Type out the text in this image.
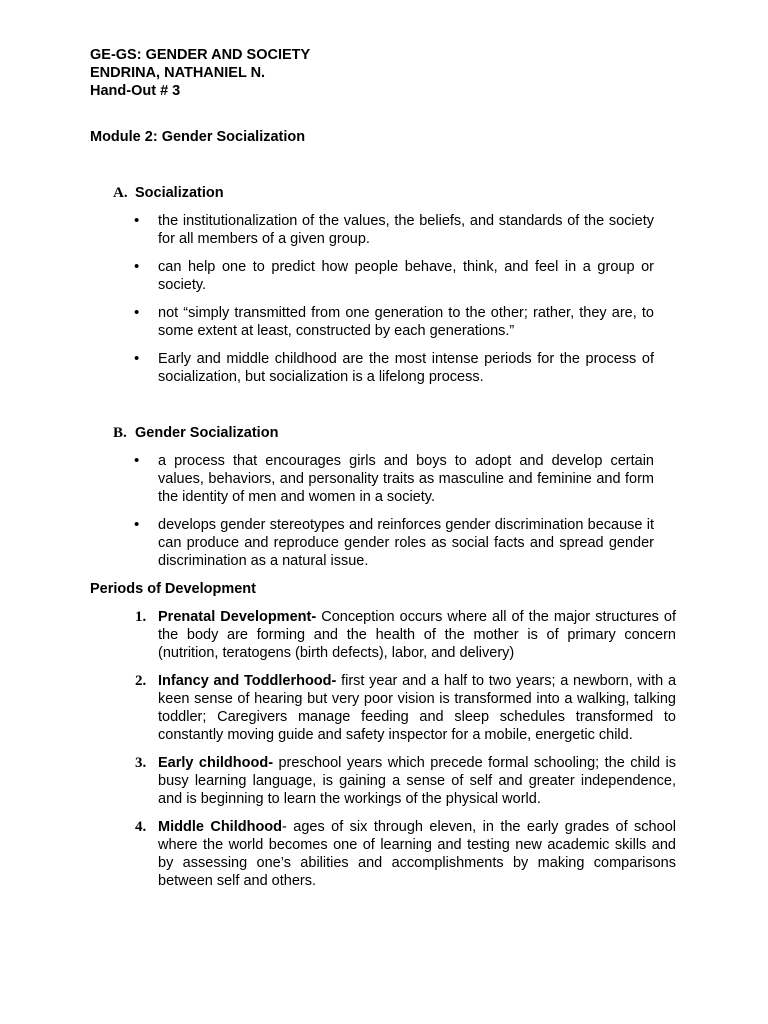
GE-GS: GENDER AND SOCIETY
ENDRINA, NATHANIEL N.
Hand-Out # 3
Module 2: Gender Socialization
A. Socialization
• the institutionalization of the values, the beliefs, and standards of the society for all members of a given group.
• can help one to predict how people behave, think, and feel in a group or society.
• not “simply transmitted from one generation to the other; rather, they are, to some extent at least, constructed by each generations.”
• Early and middle childhood are the most intense periods for the process of socialization, but socialization is a lifelong process.
B. Gender Socialization
• a process that encourages girls and boys to adopt and develop certain values, behaviors, and personality traits as masculine and feminine and form the identity of men and women in a society.
• develops gender stereotypes and reinforces gender discrimination because it can produce and reproduce gender roles as social facts and spread gender discrimination as a natural issue.
Periods of Development
1. Prenatal Development- Conception occurs where all of the major structures of the body are forming and the health of the mother is of primary concern (nutrition, teratogens (birth defects), labor, and delivery)
2. Infancy and Toddlerhood- first year and a half to two years; a newborn, with a keen sense of hearing but very poor vision is transformed into a walking, talking toddler; Caregivers manage feeding and sleep schedules transformed to constantly moving guide and safety inspector for a mobile, energetic child.
3. Early childhood- preschool years which precede formal schooling; the child is busy learning language, is gaining a sense of self and greater independence, and is beginning to learn the workings of the physical world.
4. Middle Childhood- ages of six through eleven, in the early grades of school where the world becomes one of learning and testing new academic skills and by assessing one’s abilities and accomplishments by making comparisons between self and others.
